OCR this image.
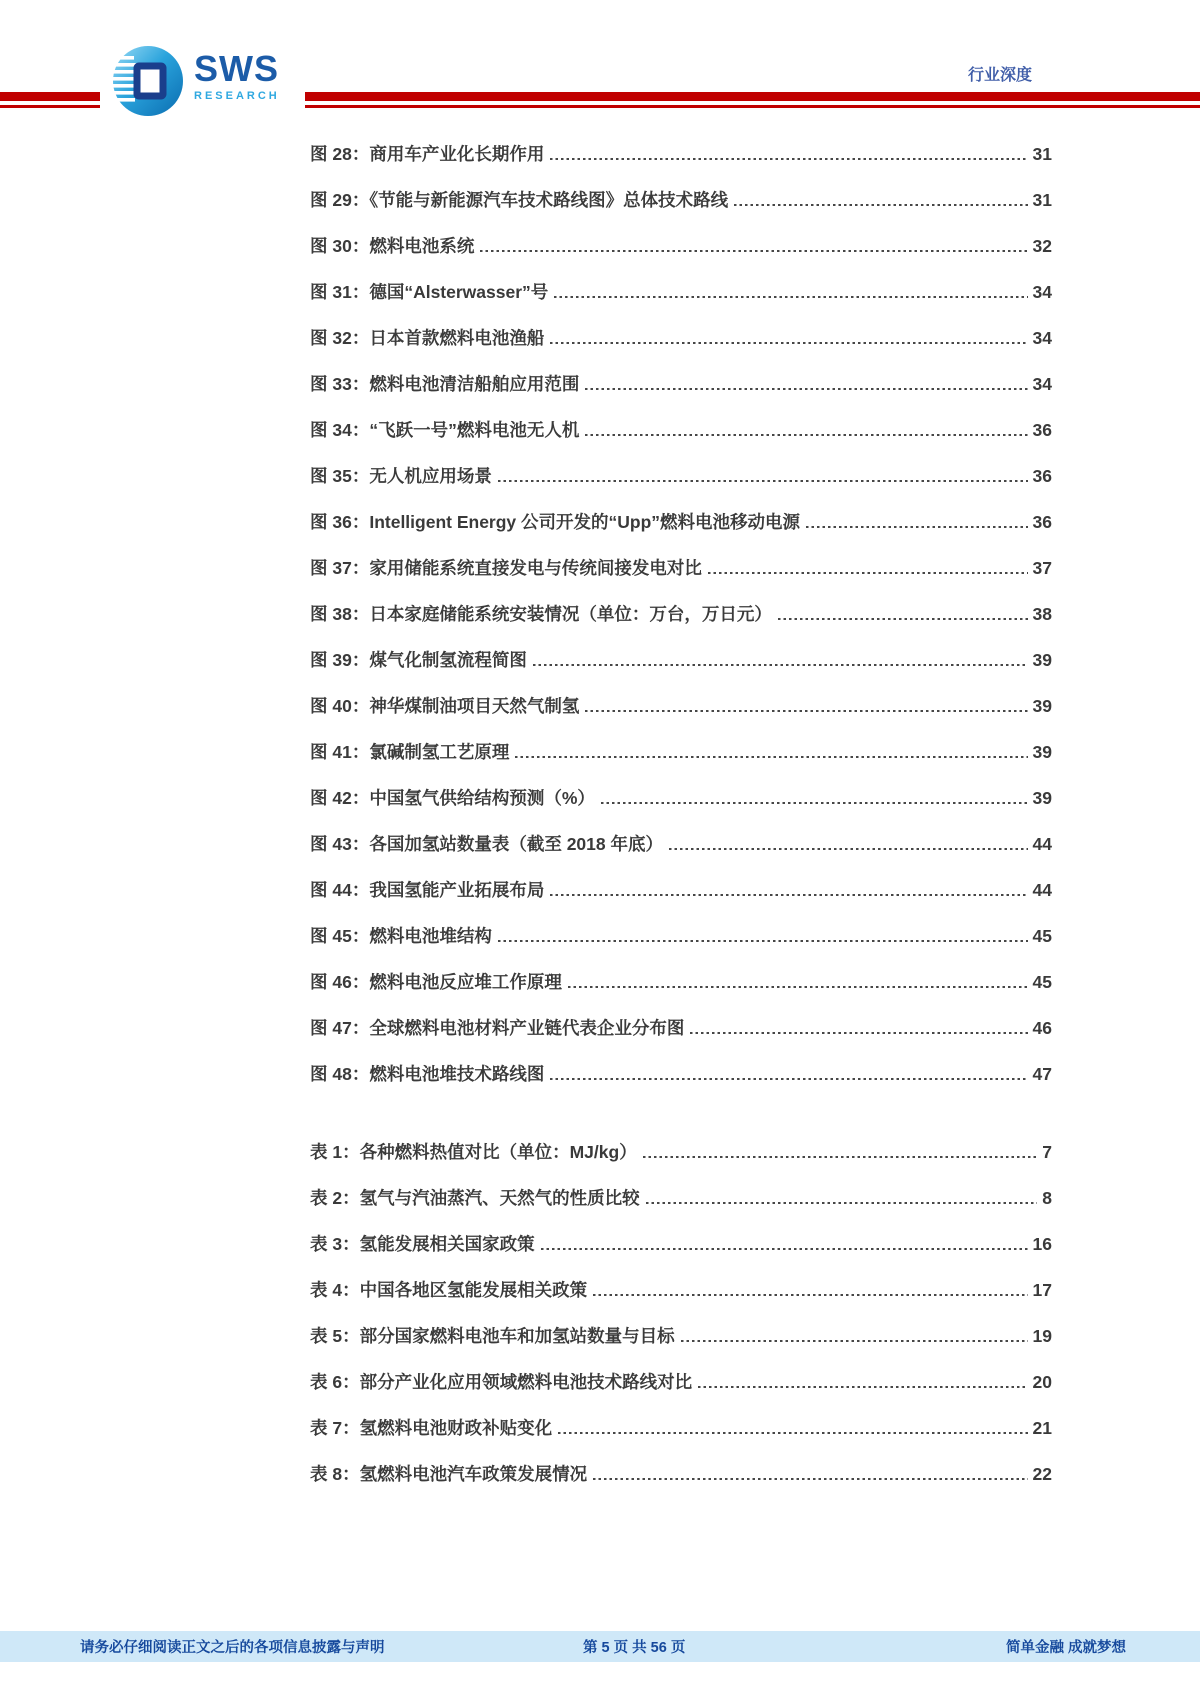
SWS
RESEARCH
行业深度
图 28：商用车产业化长期作用	31
图 29：《节能与新能源汽车技术路线图》总体技术路线	31
图 30：燃料电池系统	32
图 31：德国“Alsterwasser”号	34
图 32：日本首款燃料电池渔船	34
图 33：燃料电池清洁船舶应用范围	34
图 34：“飞跃一号”燃料电池无人机	36
图 35：无人机应用场景	36
图 36：Intelligent Energy 公司开发的“Upp”燃料电池移动电源	36
图 37：家用储能系统直接发电与传统间接发电对比	37
图 38：日本家庭储能系统安装情况（单位：万台，万日元）	38
图 39：煤气化制氢流程简图	39
图 40：神华煤制油项目天然气制氢	39
图 41：氯碱制氢工艺原理	39
图 42：中国氢气供给结构预测（%）	39
图 43：各国加氢站数量表（截至 2018 年底）	44
图 44：我国氢能产业拓展布局	44
图 45：燃料电池堆结构	45
图 46：燃料电池反应堆工作原理	45
图 47：全球燃料电池材料产业链代表企业分布图	46
图 48：燃料电池堆技术路线图	47
表 1：各种燃料热值对比（单位：MJ/kg）	7
表 2：氢气与汽油蒸汽、天然气的性质比较	8
表 3：氢能发展相关国家政策	16
表 4：中国各地区氢能发展相关政策	17
表 5：部分国家燃料电池车和加氢站数量与目标	19
表 6：部分产业化应用领域燃料电池技术路线对比	20
表 7：氢燃料电池财政补贴变化	21
表 8：氢燃料电池汽车政策发展情况	22
请务必仔细阅读正文之后的各项信息披露与声明	第 5 页 共 56 页	简单金融 成就梦想
